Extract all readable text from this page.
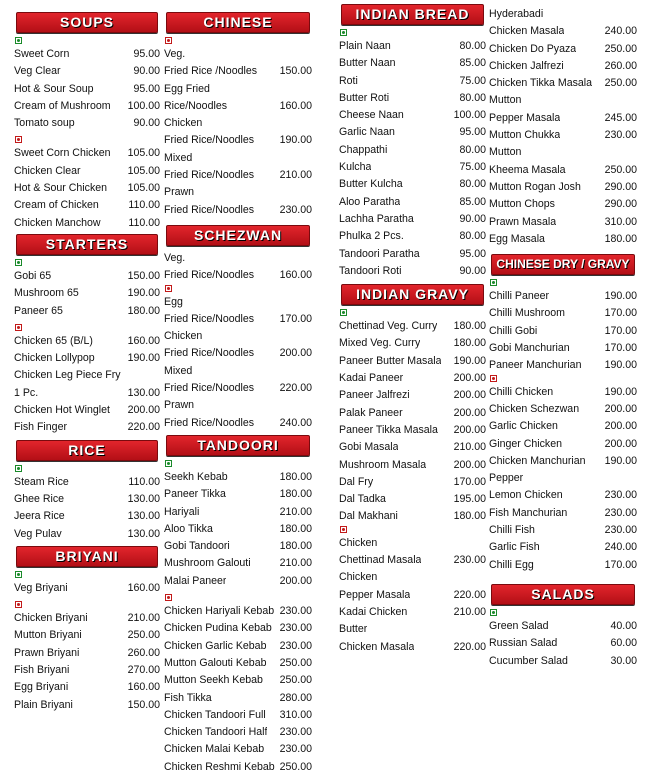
SOUPS
Sweet Corn	95.00
Veg Clear	90.00
Hot & Sour Soup	95.00
Cream of Mushroom 100.00
Tomato soup	90.00
Sweet Corn Chicken 105.00
Chicken Clear	105.00
Hot & Sour Chicken 105.00
Cream of Chicken	110.00
Chicken Manchow	110.00
STARTERS
Gobi 65	150.00
Mushroom 65	190.00
Paneer 65	180.00
Chicken 65 (B/L)	160.00
Chicken Lollypop	190.00
Chicken Leg Piece Fry
1 Pc.	130.00
Chicken Hot Winglet 200.00
Fish Finger	220.00
RICE
Steam Rice	110.00
Ghee Rice	130.00
Jeera Rice	130.00
Veg Pulav	130.00
BRIYANI
Veg Briyani	160.00
Chicken Briyani	210.00
Mutton Briyani	250.00
Prawn Briyani	260.00
Fish Briyani	270.00
Egg Briyani	160.00
Plain Briyani	150.00
CHINESE
Veg.
Fried Rice /Noodles 150.00
Egg Fried
Rice/Noodles	160.00
Chicken
Fried Rice/Noodles 190.00
Mixed
Fried Rice/Noodles 210.00
Prawn
Fried Rice/Noodles 230.00
SCHEZWAN
Veg.
Fried Rice/Noodles 160.00
Egg
Fried Rice/Noodles 170.00
Chicken
Fried Rice/Noodles 200.00
Mixed
Fried Rice/Noodles 220.00
Prawn
Fried Rice/Noodles 240.00
TANDOORI
Seekh Kebab	180.00
Paneer Tikka	180.00
Hariyali	210.00
Aloo Tikka	180.00
Gobi Tandoori	180.00
Mushroom Galouti	210.00
Malai Paneer	200.00
Chicken Hariyali Kebab 230.00
Chicken Pudina Kebab 230.00
Chicken Garlic Kebab 230.00
Mutton Galouti Kebab 250.00
Mutton Seekh Kebab 250.00
Fish Tikka	280.00
Chicken Tandoori Full 310.00
Chicken Tandoori Half 230.00
Chicken Malai Kebab 230.00
Chicken Reshmi Kebab 250.00
INDIAN BREAD
Plain Naan	80.00
Butter Naan	85.00
Roti	75.00
Butter Roti	80.00
Cheese Naan	100.00
Garlic Naan	95.00
Chappathi	80.00
Kulcha	75.00
Butter Kulcha	80.00
Aloo Paratha	85.00
Lachha Paratha	90.00
Phulka 2 Pcs.	80.00
Tandoori Paratha	95.00
Tandoori Roti	90.00
INDIAN GRAVY
Chettinad Veg. Curry 180.00
Mixed Veg. Curry	180.00
Paneer Butter Masala 190.00
Kadai Paneer	200.00
Paneer Jalfrezi	200.00
Palak Paneer	200.00
Paneer Tikka Masala 200.00
Gobi Masala	210.00
Mushroom Masala	200.00
Dal Fry	170.00
Dal Tadka	195.00
Dal Makhani	180.00
Chicken
Chettinad Masala	230.00
Chicken
Pepper Masala	220.00
Kadai Chicken	210.00
Butter
Chicken Masala	220.00
Hyderabadi
Chicken Masala	240.00
Chicken Do Pyaza	250.00
Chicken Jalfrezi	260.00
Chicken Tikka Masala 250.00
Mutton
Pepper Masala	245.00
Mutton Chukka	230.00
Mutton
Kheema Masala	250.00
Mutton Rogan Josh 290.00
Mutton Chops	290.00
Prawn Masala	310.00
Egg Masala	180.00
CHINESE DRY / GRAVY
Chilli Paneer	190.00
Chilli Mushroom	170.00
Chilli Gobi	170.00
Gobi Manchurian	170.00
Paneer Manchurian 190.00
Chilli Chicken	190.00
Chicken Schezwan 200.00
Garlic Chicken	200.00
Ginger Chicken	200.00
Chicken Manchurian 190.00
Pepper
Lemon Chicken	230.00
Fish Manchurian	230.00
Chilli Fish	230.00
Garlic Fish	240.00
Chilli Egg	170.00
SALADS
Green Salad	40.00
Russian Salad	60.00
Cucumber Salad	30.00
